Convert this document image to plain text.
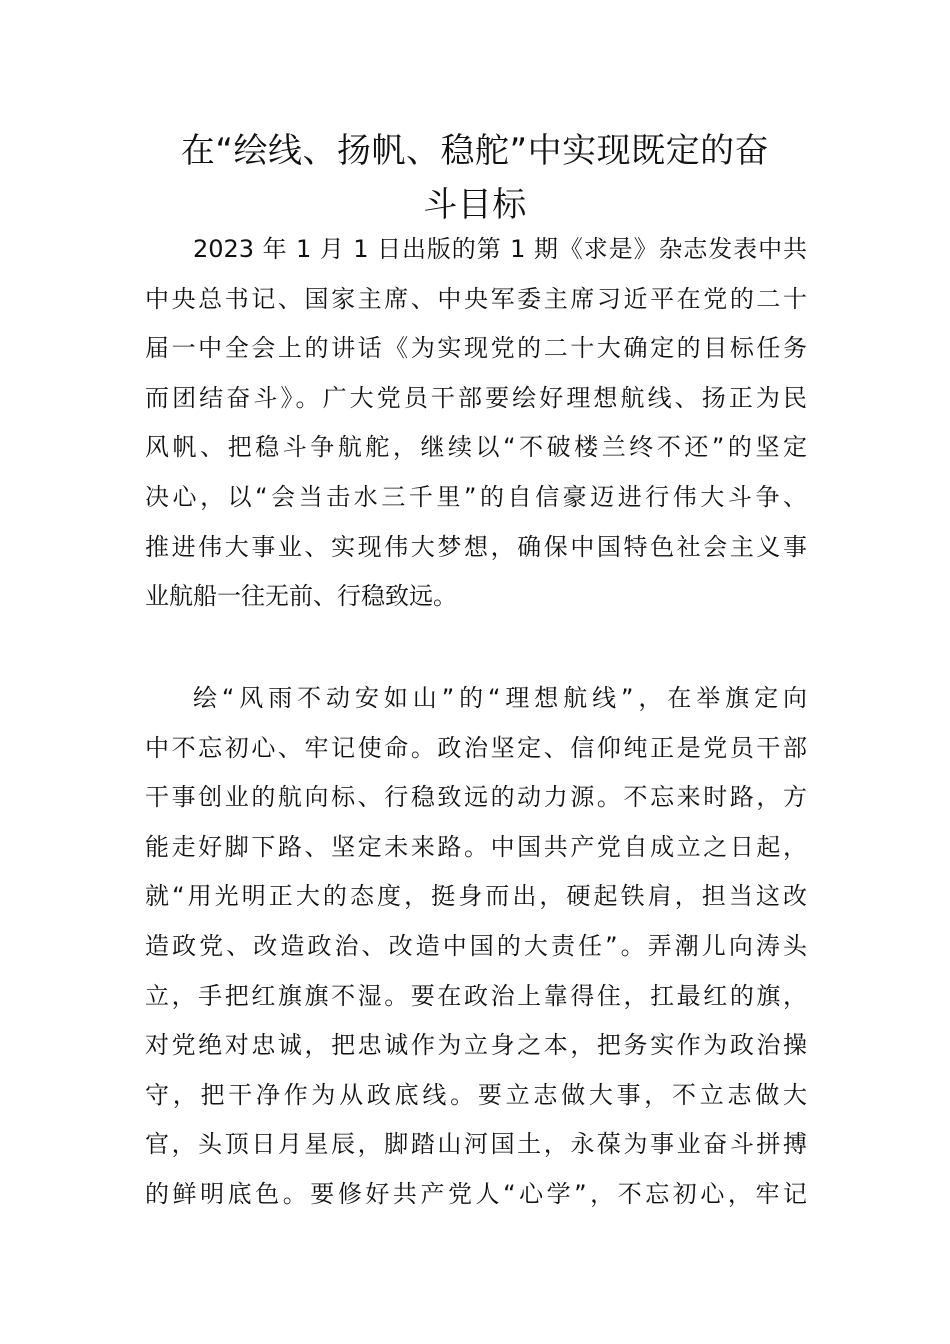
在“绘线、扬帆、稳舵”中实现既定的奋
斗目标
2023 年 1 月 1 日出版的第 1 期《求是》杂志发表中共
中央总书记、国家主席、中央军委主席习近平在党的二十
届一中全会上的讲话《为实现党的二十大确定的目标任务
而团结奋斗》。广大党员干部要绘好理想航线、扬正为民
风帆、把稳斗争航舵，继续以“不破楼兰终不还”的坚定
决心，以“会当击水三千里”的自信豪迈进行伟大斗争、
推进伟大事业、实现伟大梦想，确保中国特色社会主义事
业航船一往无前、行稳致远。
绘“风雨不动安如山”的“理想航线”，在举旗定向
中不忘初心、牢记使命。政治坚定、信仰纯正是党员干部
干事创业的航向标、行稳致远的动力源。不忘来时路，方
能走好脚下路、坚定未来路。中国共产党自成立之日起，
就“用光明正大的态度，挺身而出，硬起铁肩，担当这改
造政党、改造政治、改造中国的大责任”。弄潮儿向涛头
立，手把红旗旗不湿。要在政治上靠得住，扛最红的旗，
对党绝对忠诚，把忠诚作为立身之本，把务实作为政治操
守，把干净作为从政底线。要立志做大事，不立志做大
官，头顶日月星辰，脚踏山河国土，永葆为事业奋斗拼搏
的鲜明底色。要修好共产党人“心学”，不忘初心，牢记
